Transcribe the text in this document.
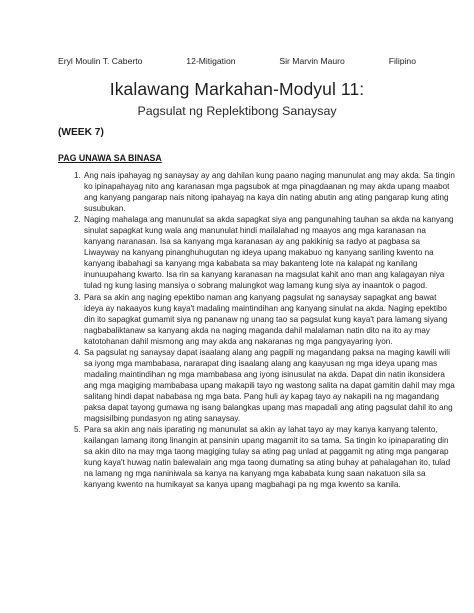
Eryl Moulin T. Caberto	12-Mitigation	Sir Marvin Mauro	Filipino
Ikalawang Markahan-Modyul 11:
Pagsulat ng Replektibong Sanaysay
(WEEK 7)
PAG UNAWA SA BINASA
1. Ang nais ipahayag ng sanaysay ay ang dahilan kung paano naging manunulat ang may akda. Sa tingin ko ipinapahayag nito ang karanasan mga pagsubok at mga pinagdaanan ng may akda upang maabot ang kanyang pangarap nais nitong ipahayag na kaya din nating abutin ang ating pangarap kung ating susubukan.
2. Naging mahalaga ang manunulat sa akda sapagkat siya ang pangunahing tauhan sa akda na kanyang sinulat sapagkat kung wala ang manunulat hindi mailalahad ng maayos ang mga karanasan na kanyang naranasan. Isa sa kanyang mga karanasan ay ang pakikinig sa radyo at pagbasa sa Liwayway na kanyang pinanghuhugutan ng ideya upang makabuo ng kanyang sariling kwento na kanyang ibabahagi sa kanyang mga kababata sa may bakanteng lote na kalapat ng kanilang inunuupahang kwarto. Isa rin sa kanyang karanasan na magsulat kahit ano man ang kalagayan niya tulad ng kung lasing mansiya o sobrang malungkot wag lamang kung siya ay inaantok o pagod.
3. Para sa akin ang naging epektibo naman ang kanyang pagsulat ng sanaysay sapagkat ang bawat ideya ay nakaayos kung kaya't madaling maintindihan ang kanyang sinulat na akda. Naging epektibo din ito sapagkat gumamit siya ng pananaw ng unang tao sa pagsulat kung kaya't para lamang siyang nagbabaliktanaw sa kanyang akda na naging maganda dahil malalaman natin dito na ito ay may katotohanan dahil mismong ang may akda ang nakaranas ng mga pangyayaring iyon.
4. Sa pagsulat ng sanaysay dapat isaalang alang ang pagpili ng magandang paksa na maging kawili wili sa iyong mga mambabasa, nararapat ding isaalang alang ang kaayusan ng mga ideya upang mas madaling maintindihan ng mga mambabasa ang iyong isinusulat na akda. Dapat din natin ikonsidera ang mga magiging mambabasa upang makapili tayo ng wastong salita na dapat gamitin dahil may mga salitang hindi dapat nababasa ng mga bata. Pang huli ay kapag tayo ay nakapili na ng magandang paksa dapat tayong gumawa ng isang balangkas upang mas mapadali ang ating pagsulat dahil ito ang magsisilbing pundasyon ng ating sanaysay.
5. Para sa akin ang nais iparating ng manunulat sa akin ay lahat tayo ay may kanya kanyang talento, kailangan lamang itong linangin at pansinin upang magamit ito sa tama. Sa tingin ko ipinaparating din sa akin dito na may mga taong magiging tulay sa ating pag unlad at paggamit ng ating mga pangarap kung kaya't huwag natin balewalain ang mga taong dumating sa ating buhay at pahalagahan ito, tulad na lamang ng mga naniniwala sa kanya na kanyang mga kababata kung saan nakatuon sila sa kanyang kwento na humikayat sa kanya upang magbahagi pa ng mga kwento sa kanila.
